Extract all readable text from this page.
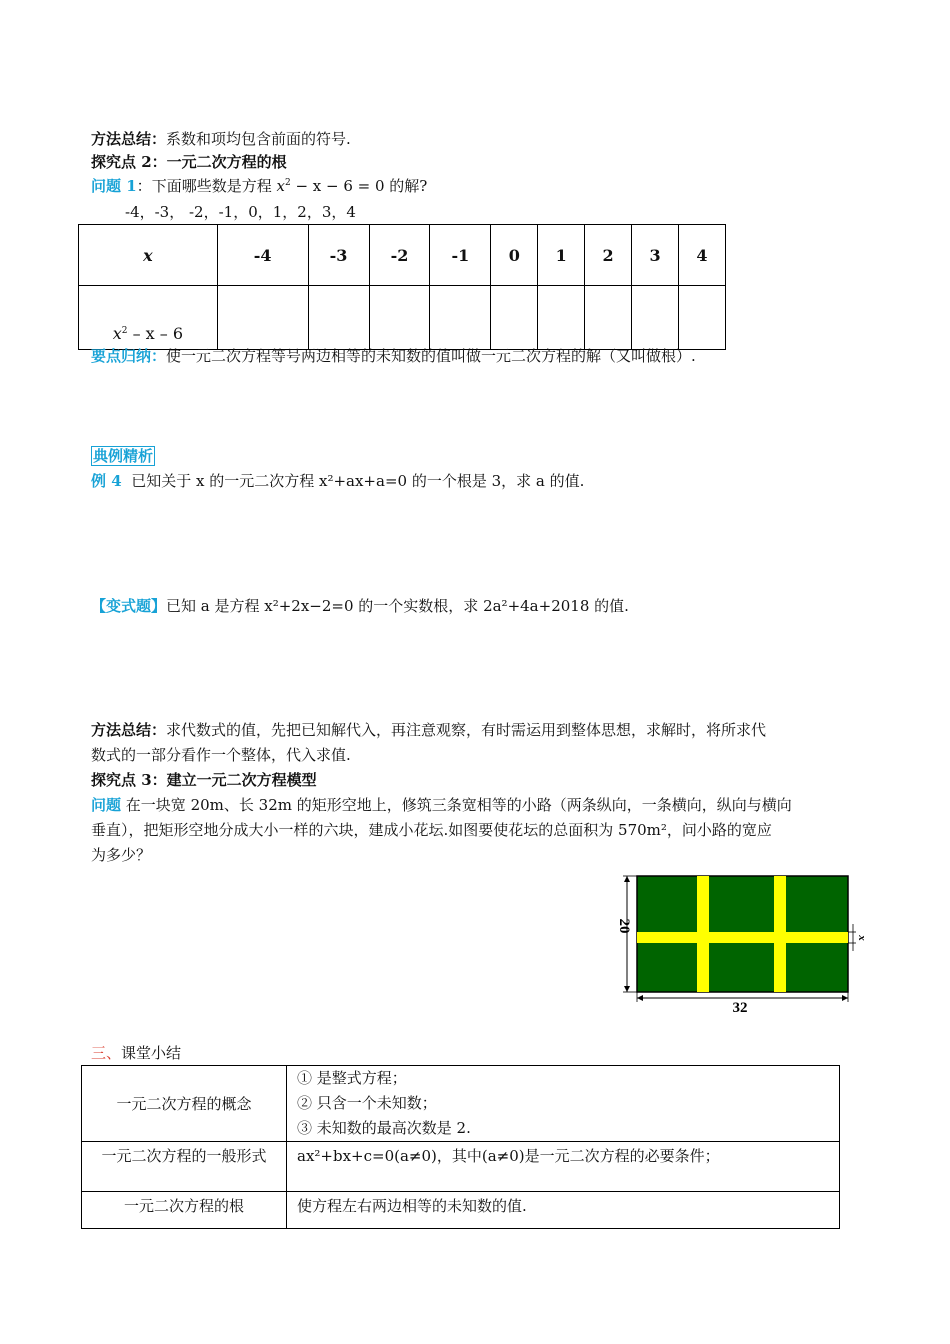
方法总结：系数和项均包含前面的符号.
探究点 2：一元二次方程的根
问题 1：下面哪些数是方程 $x^2 - x - 6 = 0$ 的解?
-4，-3， -2，-1，0，1，2，3，4
x	-4	-3	-2	-1	0	1	2	3	4
$x^2$ – x – 6									
要点归纳：使一元二次方程等号两边相等的未知数的值叫做一元二次方程的解（又叫做根）.
典例精析
例 4 已知关于 x 的一元二次方程 x²+ax+a=0 的一个根是 3，求 a 的值.
【变式题】已知 a 是方程 x²+2x−2=0 的一个实数根，求 2a²+4a+2018 的值.
方法总结：求代数式的值，先把已知解代入，再注意观察，有时需运用到整体思想，求解时，将所求代
数式的一部分看作一个整体，代入求值.
探究点 3：建立一元二次方程模型
问题 在一块宽 20m、长 32m 的矩形空地上，修筑三条宽相等的小路（两条纵向，一条横向，纵向与横向
垂直），把矩形空地分成大小一样的六块，建成小花坛.如图要使花坛的总面积为 570m²，问小路的宽应
为多少？
20
32
x
三、课堂小结
一元二次方程的概念	① 是整式方程；
② 只含一个未知数；
③ 未知数的最高次数是 2.

一元二次方程的一般形式	ax²+bx+c=0(a≠0)，其中(a≠0)是一元二次方程的必要条件；
一元二次方程的根	使方程左右两边相等的未知数的值.
